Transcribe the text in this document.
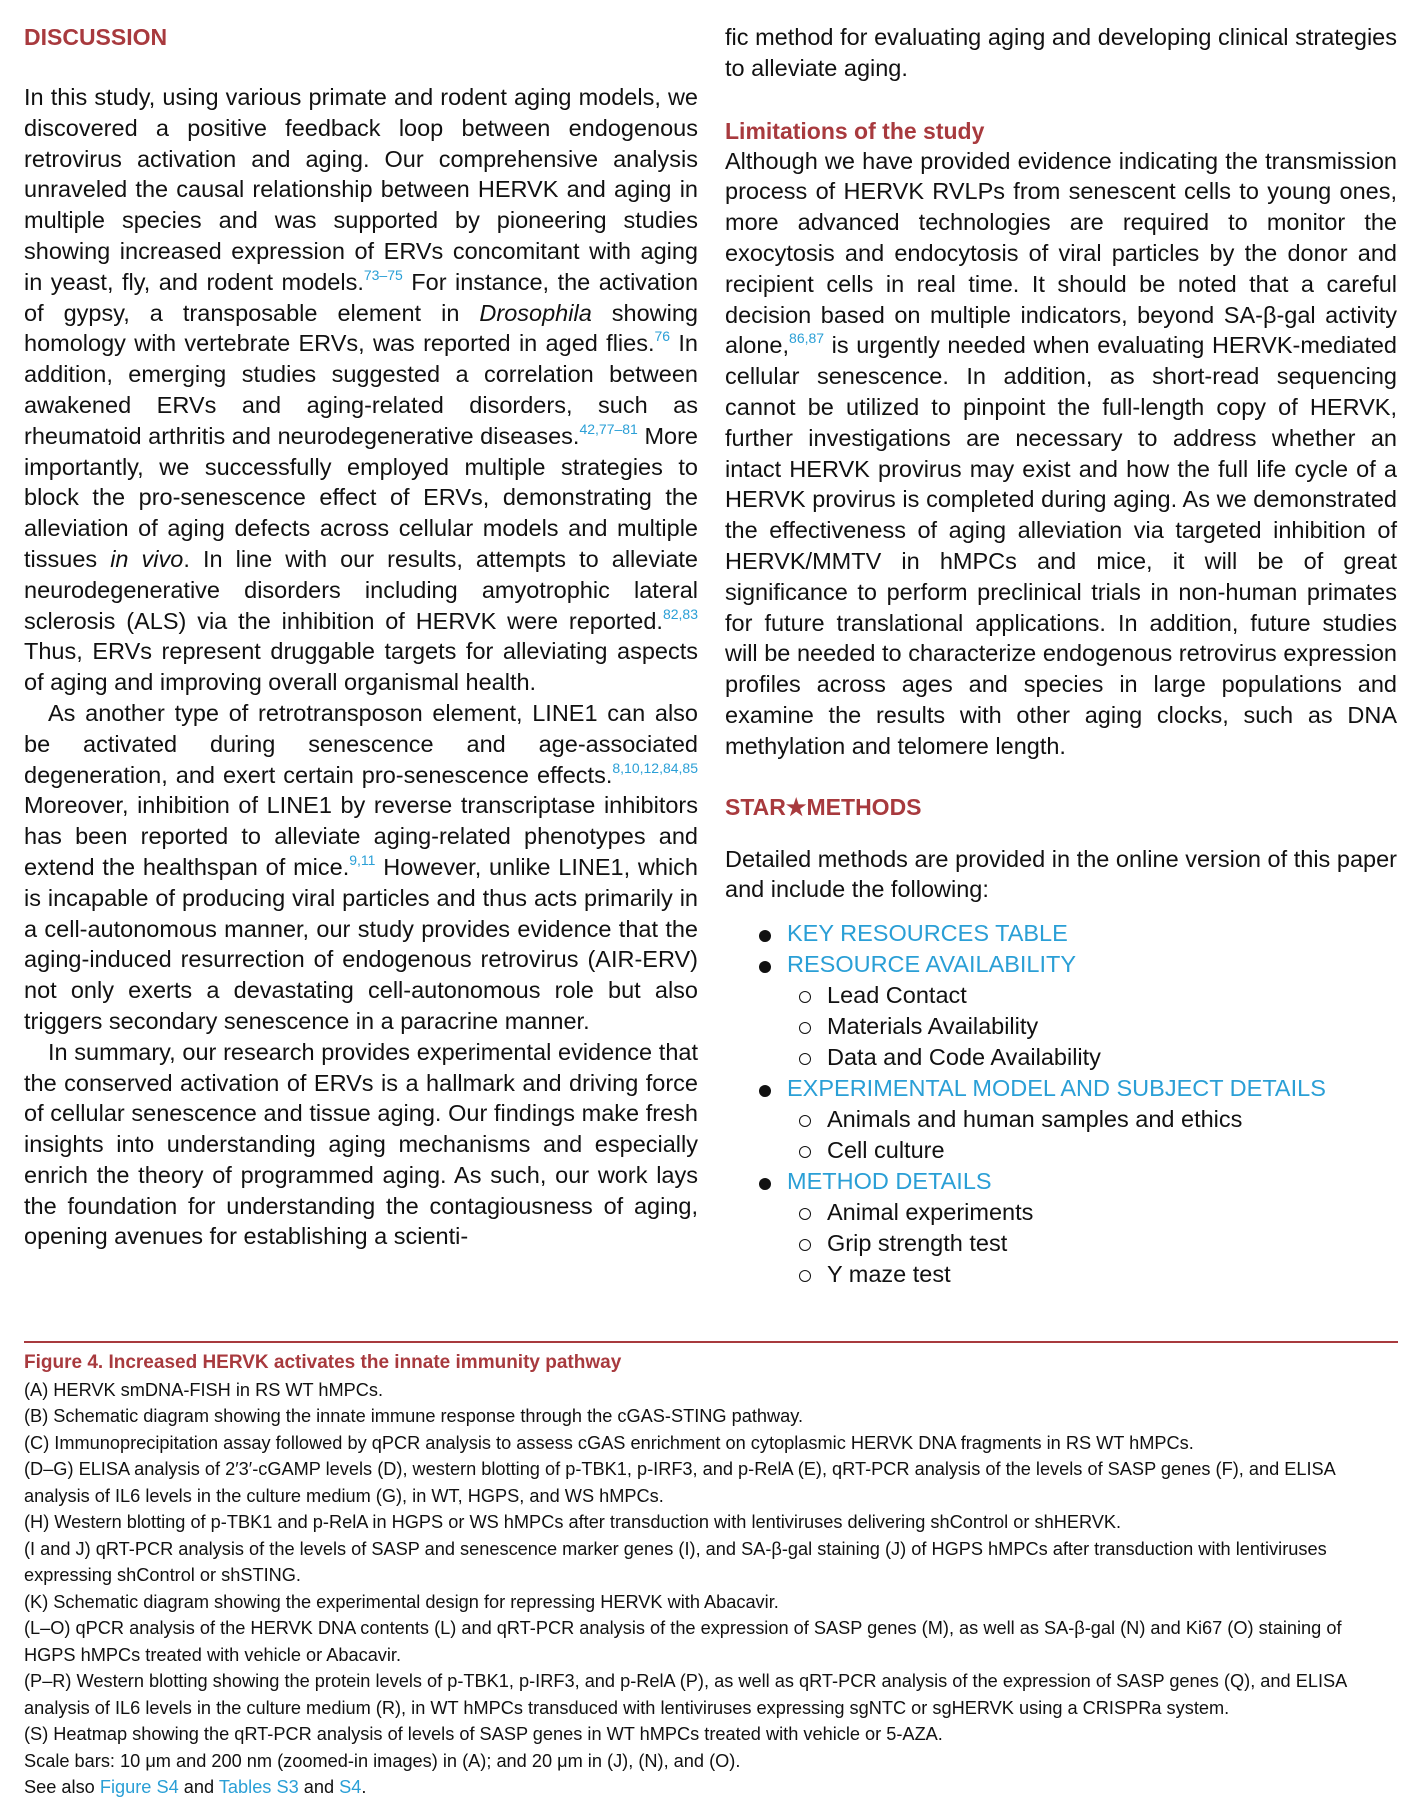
DISCUSSION

In this study, using various primate and rodent aging models, we discovered a positive feedback loop between endogenous retrovirus activation and aging. Our comprehensive analysis unraveled the causal relationship between HERVK and aging in multiple species and was supported by pioneering studies showing increased expression of ERVs concomitant with aging in yeast, fly, and rodent models.$^{73-75}$ For instance, the activation of gypsy, a transposable element in Drosophila showing homology with vertebrate ERVs, was reported in aged flies.$^{76}$ In addition, emerging studies suggested a correlation between awakened ERVs and aging-related disorders, such as rheumatoid arthritis and neurodegenerative diseases.$^{42,77-81}$ More importantly, we successfully employed multiple strategies to block the pro-senescence effect of ERVs, demonstrating the alleviation of aging defects across cellular models and multiple tissues in vivo. In line with our results, attempts to alleviate neurodegenerative disorders including amyotrophic lateral sclerosis (ALS) via the inhibition of HERVK were reported.$^{82,83}$ Thus, ERVs represent druggable targets for alleviating aspects of aging and improving overall organismal health.

As another type of retrotransposon element, LINE1 can also be activated during senescence and age-associated degeneration, and exert certain pro-senescence effects.$^{8,10,12,84,85}$ Moreover, inhibition of LINE1 by reverse transcriptase inhibitors has been reported to alleviate aging-related phenotypes and extend the healthspan of mice.$^{9,11}$ However, unlike LINE1, which is incapable of producing viral particles and thus acts primarily in a cell-autonomous manner, our study provides evidence that the aging-induced resurrection of endogenous retrovirus (AIR-ERV) not only exerts a devastating cell-autonomous role but also triggers secondary senescence in a paracrine manner.

In summary, our research provides experimental evidence that the conserved activation of ERVs is a hallmark and driving force of cellular senescence and tissue aging. Our findings make fresh insights into understanding aging mechanisms and especially enrich the theory of programmed aging. As such, our work lays the foundation for understanding the contagiousness of aging, opening avenues for establishing a scienti-

fic method for evaluating aging and developing clinical strategies to alleviate aging.

Limitations of the study

Although we have provided evidence indicating the transmission process of HERVK RVLPs from senescent cells to young ones, more advanced technologies are required to monitor the exocytosis and endocytosis of viral particles by the donor and recipient cells in real time. It should be noted that a careful decision based on multiple indicators, beyond SA-β-gal activity alone,$^{86,87}$ is urgently needed when evaluating HERVK-mediated cellular senescence. In addition, as short-read sequencing cannot be utilized to pinpoint the full-length copy of HERVK, further investigations are necessary to address whether an intact HERVK provirus may exist and how the full life cycle of a HERVK provirus is completed during aging. As we demonstrated the effectiveness of aging alleviation via targeted inhibition of HERVK/MMTV in hMPCs and mice, it will be of great significance to perform preclinical trials in non-human primates for future translational applications. In addition, future studies will be needed to characterize endogenous retrovirus expression profiles across ages and species in large populations and examine the results with other aging clocks, such as DNA methylation and telomere length.

STAR★METHODS

Detailed methods are provided in the online version of this paper and include the following:

KEY RESOURCES TABLE
RESOURCE AVAILABILITY
Lead Contact
Materials Availability
Data and Code Availability
EXPERIMENTAL MODEL AND SUBJECT DETAILS
Animals and human samples and ethics
Cell culture
METHOD DETAILS
Animal experiments
Grip strength test
Y maze test
Figure 4. Increased HERVK activates the innate immunity pathway
(A) HERVK smDNA-FISH in RS WT hMPCs.
(B) Schematic diagram showing the innate immune response through the cGAS-STING pathway.
(C) Immunoprecipitation assay followed by qPCR analysis to assess cGAS enrichment on cytoplasmic HERVK DNA fragments in RS WT hMPCs.
(D–G) ELISA analysis of 2′3′-cGAMP levels (D), western blotting of p-TBK1, p-IRF3, and p-RelA (E), qRT-PCR analysis of the levels of SASP genes (F), and ELISA analysis of IL6 levels in the culture medium (G), in WT, HGPS, and WS hMPCs.
(H) Western blotting of p-TBK1 and p-RelA in HGPS or WS hMPCs after transduction with lentiviruses delivering shControl or shHERVK.
(I and J) qRT-PCR analysis of the levels of SASP and senescence marker genes (I), and SA-β-gal staining (J) of HGPS hMPCs after transduction with lentiviruses expressing shControl or shSTING.
(K) Schematic diagram showing the experimental design for repressing HERVK with Abacavir.
(L–O) qPCR analysis of the HERVK DNA contents (L) and qRT-PCR analysis of the expression of SASP genes (M), as well as SA-β-gal (N) and Ki67 (O) staining of HGPS hMPCs treated with vehicle or Abacavir.
(P–R) Western blotting showing the protein levels of p-TBK1, p-IRF3, and p-RelA (P), as well as qRT-PCR analysis of the expression of SASP genes (Q), and ELISA analysis of IL6 levels in the culture medium (R), in WT hMPCs transduced with lentiviruses expressing sgNTC or sgHERVK using a CRISPRa system.
(S) Heatmap showing the qRT-PCR analysis of levels of SASP genes in WT hMPCs treated with vehicle or 5-AZA.
Scale bars: 10 μm and 200 nm (zoomed-in images) in (A); and 20 μm in (J), (N), and (O).
See also Figure S4 and Tables S3 and S4.
